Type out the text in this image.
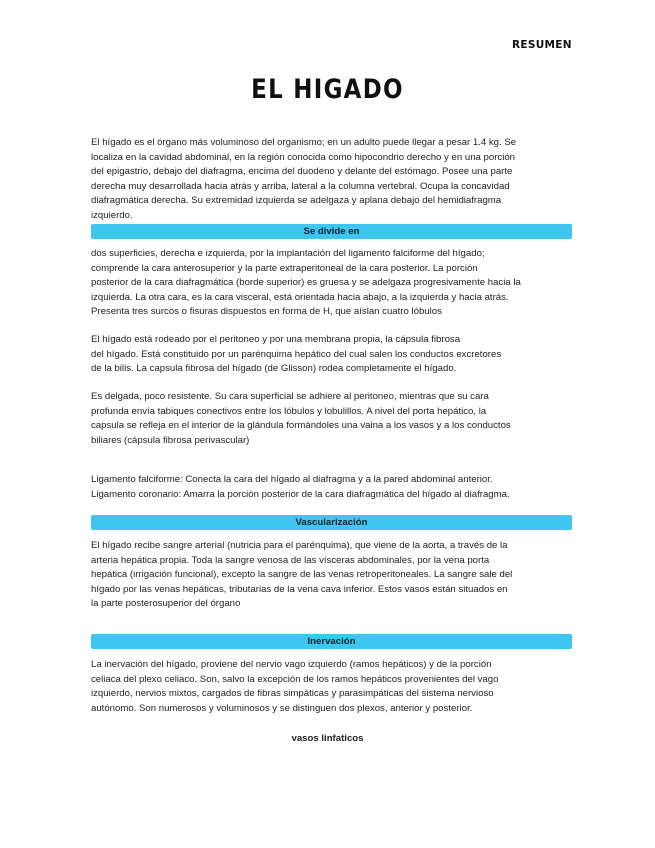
RESUMEN
EL HIGADO

El hígado es el órgano más voluminoso del organismo; en un adulto puede llegar a pesar 1.4 kg. Se
localiza en la cavidad abdominal, en la región conocida como hipocondrio derecho y en una porción
del epigastrio, debajo del diafragma, encima del duodeno y delante del estómago. Posee una parte
derecha muy desarrollada hacia atrás y arriba, lateral a la columna vertebral. Ocupa la concavidad
diafragmática derecha. Su extremidad izquierda se adelgaza y aplana debajo del hemidiafragma
izquierdo.

Se divide en

dos superficies, derecha e izquierda, por la implantación del ligamento falciforme del hígado;
comprende la cara anterosuperior y la parte extraperitoneal de la cara posterior. La porción
posterior de la cara diafragmática (borde superior) es gruesa y se adelgaza progresivamente hacia la
izquierda. La otra cara, es la cara visceral, está orientada hacia abajo, a la izquierda y hacia atrás.
Presenta tres surcos o fisuras dispuestos en forma de H, que aíslan cuatro lóbulos

El hígado está rodeado por el peritoneo y por una membrana propia, la cápsula fibrosa
del hígado. Está constituido por un parénquima hepático del cual salen los conductos excretores
de la bilis. La capsula fibrosa del hígado (de Glisson) rodea completamente el hígado.

Es delgada, poco resistente. Su cara superficial se adhiere al peritoneo, mientras que su cara
profunda envía tabiques conectivos entre los lóbulos y lobulillos. A nivel del porta hepático, la
capsula se refleja en el interior de la glándula formándoles una vaina a los vasos y a los conductos
biliares (cápsula fibrosa perivascular)

Ligamento falciforme: Conecta la cara del hígado al diafragma y a la pared abdominal anterior.
Ligamento coronario: Amarra la porción posterior de la cara diafragmática del hígado al diafragma.

Vascularización

El hígado recibe sangre arterial (nutricia para el parénquima), que viene de la aorta, a través de la
arteria hepática propia. Toda la sangre venosa de las vísceras abdominales, por la vena porta
hepática (irrigación funcional), excepto la sangre de las venas retroperitoneales. La sangre sale del
hígado por las venas hepáticas, tributarias de la vena cava inferior. Estos vasos están situados en
la parte posterosuperior del órgano

Inervación

La inervación del hígado, proviene del nervio vago izquierdo (ramos hepáticos) y de la porción
celiaca del plexo celiaco. Son, salvo la excepción de los ramos hepáticos provenientes del vago
izquierdo, nervios mixtos, cargados de fibras simpáticas y parasimpáticas del sistema nervioso
autónomo. Son numerosos y voluminosos y se distinguen dos plexos, anterior y posterior.

vasos linfaticos
